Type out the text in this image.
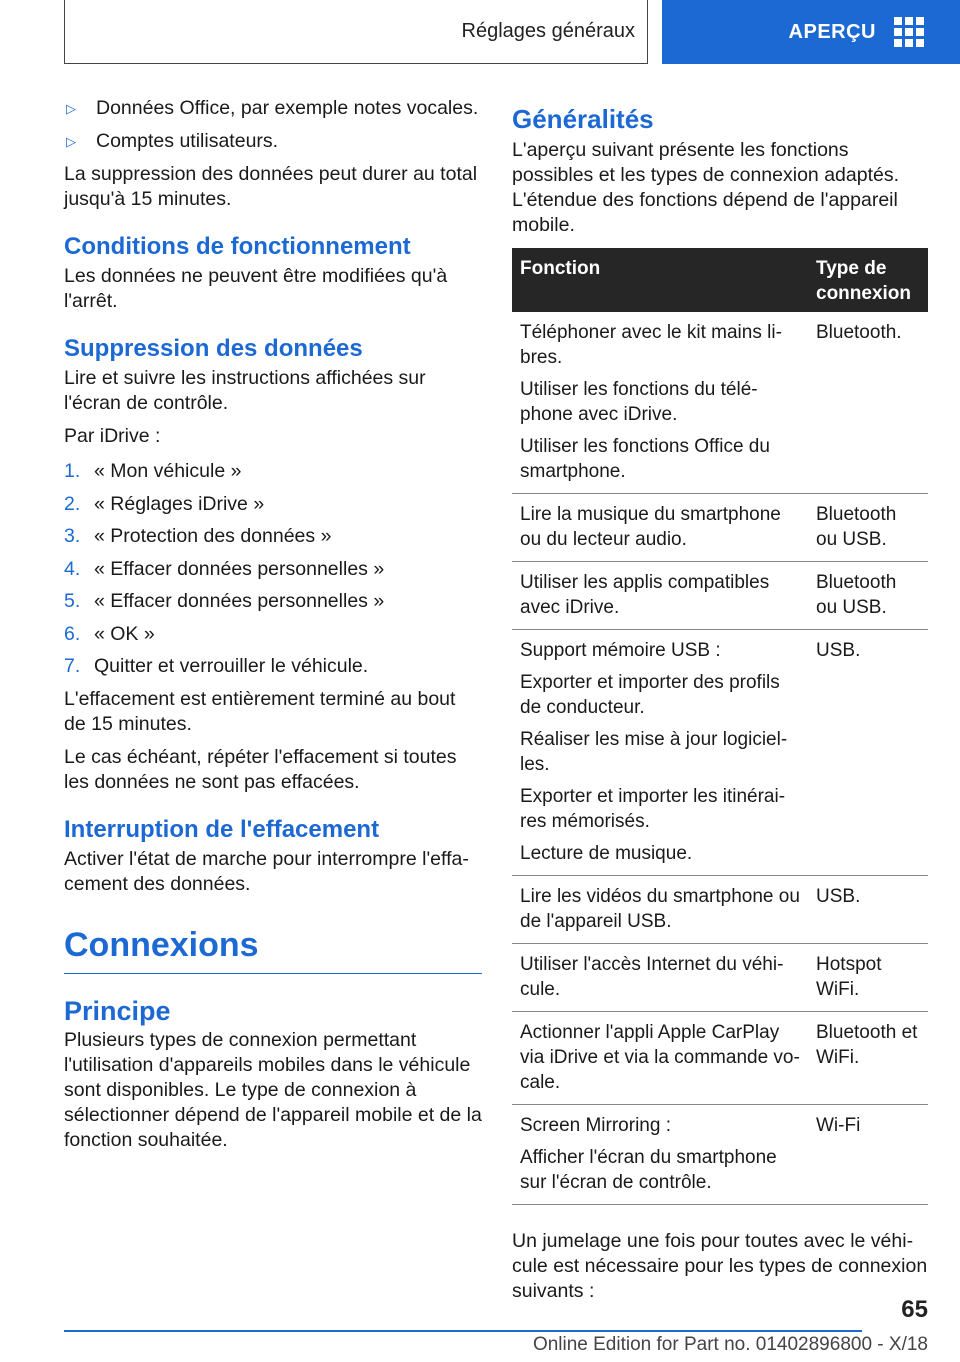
Réglages généraux	APERÇU
▷	Données Office, par exemple notes vocales.
▷	Comptes utilisateurs.

La suppression des données peut durer au total jusqu'à 15 minutes.

Conditions de fonctionnement

Les données ne peuvent être modifiées qu'à l'arrêt.

Suppression des données

Lire et suivre les instructions affichées sur l'écran de contrôle.

Par iDrive :

1. « Mon véhicule »
2. « Réglages iDrive »
3. « Protection des données »
4. « Effacer données personnelles »
5. « Effacer données personnelles »
6. « OK »
7. Quitter et verrouiller le véhicule.

L'effacement est entièrement terminé au bout de 15 minutes.

Le cas échéant, répéter l'effacement si toutes les données ne sont pas effacées.

Interruption de l'effacement

Activer l'état de marche pour interrompre l'effacement des données.

Connexions
Principe

Plusieurs types de connexion permettant l'utilisation d'appareils mobiles dans le véhicule sont disponibles. Le type de connexion à sélectionner dépend de l'appareil mobile et de la fonction souhaitée.

Généralités

L'aperçu suivant présente les fonctions possibles et les types de connexion adaptés. L'étendue des fonctions dépend de l'appareil mobile.

Fonction	Type de connexion

Téléphoner avec le kit mains libres.
Utiliser les fonctions du téléphone avec iDrive.
Utiliser les fonctions Office du smartphone.	Bluetooth.

Lire la musique du smartphone ou du lecteur audio.	Bluetooth ou USB.

Utiliser les applis compatibles avec iDrive.	Bluetooth ou USB.

Support mémoire USB :
Exporter et importer des profils de conducteur.
Réaliser les mise à jour logicielles.
Exporter et importer les itinéraires mémorisés.
Lecture de musique.	USB.

Lire les vidéos du smartphone ou de l'appareil USB.	USB.

Utiliser l'accès Internet du véhicule.	Hotspot WiFi.

Actionner l'appli Apple CarPlay via iDrive et via la commande vocale.	Bluetooth et WiFi.

Screen Mirroring :
Afficher l'écran du smartphone sur l'écran de contrôle.	Wi-Fi

Un jumelage une fois pour toutes avec le véhicule est nécessaire pour les types de connexion suivants :

65
Online Edition for Part no. 01402896800 - X/18
